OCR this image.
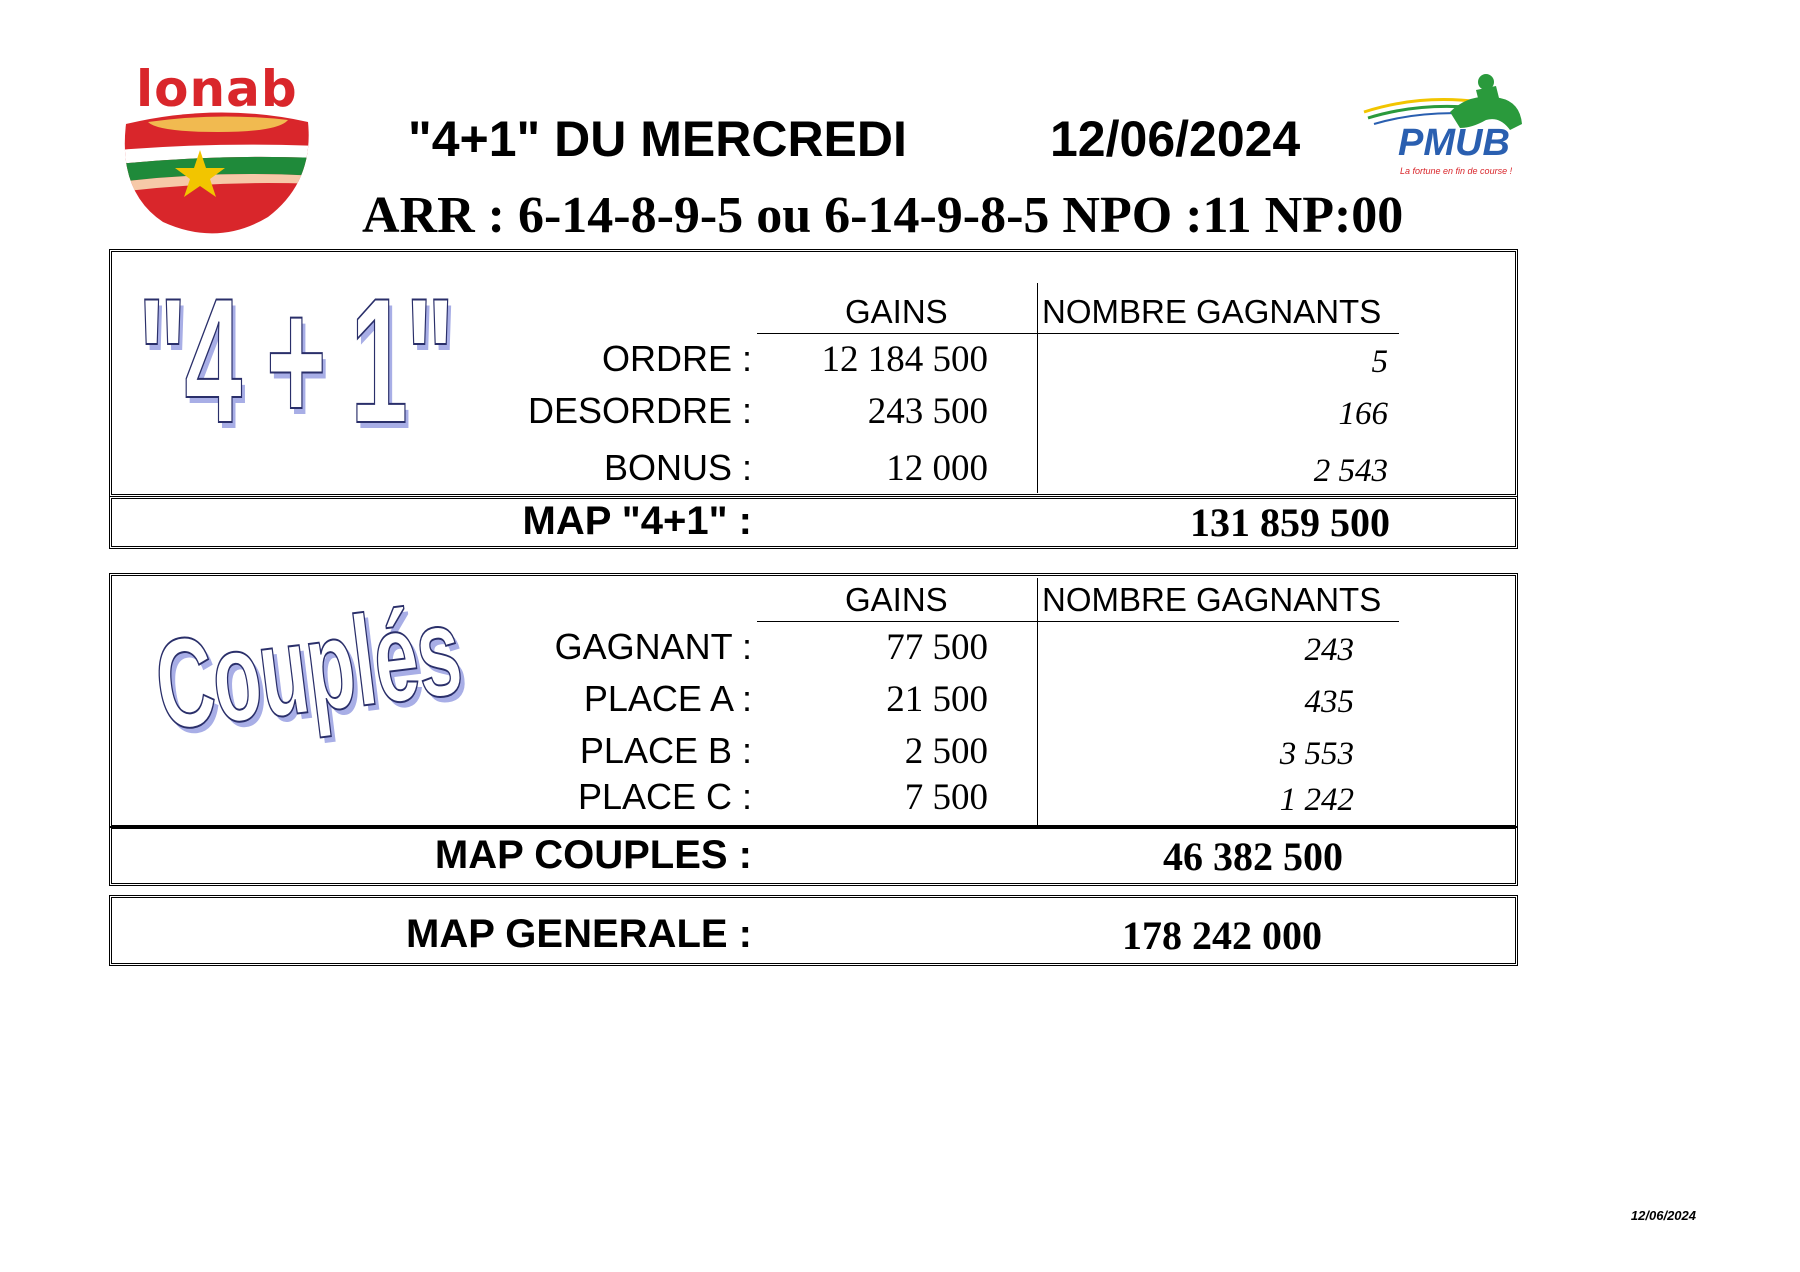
lonab
PMUB
La fortune en fin de course !
"4+1" DU MERCREDI	12/06/2024
ARR : 6-14-8-9-5 ou 6-14-9-8-5 NPO :11 NP:00
"4 + 1"	GAINS	NOMBRE GAGNANTS
ORDRE : 12 184 500	5
DESORDRE :	243 500	166
BONUS :	12 000	2 543
MAP "4+1" :	131 859 500
Couplés	GAINS	NOMBRE GAGNANTS
GAGNANT :	77 500	243
PLACE A :	21 500	435
PLACE B :	2 500	3 553
PLACE C :	7 500	1 242
MAP COUPLES :	46 382 500
MAP GENERALE :	178 242 000
12/06/2024
